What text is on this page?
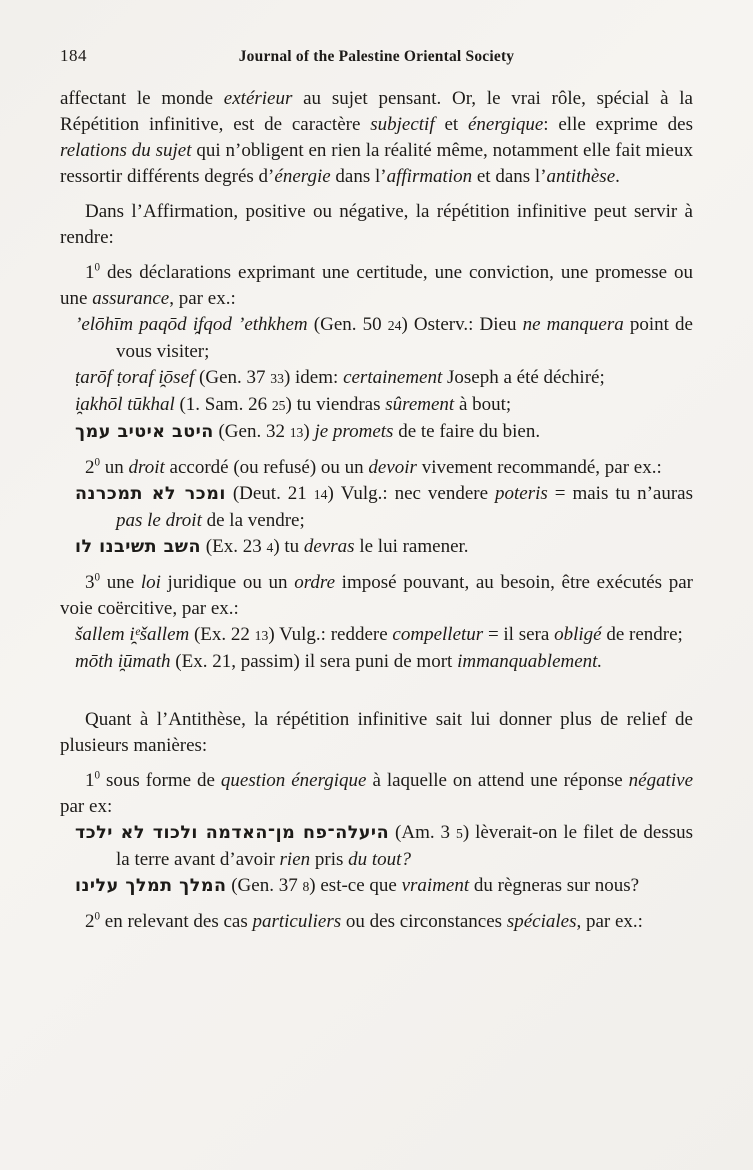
184	Journal of the Palestine Oriental Society

affectant le monde extérieur au sujet pensant. Or, le vrai rôle, spécial à la Répétition infinitive, est de caractère subjectif et énergique: elle exprime des relations du sujet qui n’obligent en rien la réalité même, notamment elle fait mieux ressortir différents degrés d’énergie dans l’affirmation et dans l’antithèse.

Dans l’Affirmation, positive ou négative, la répétition infinitive peut servir à rendre:

$1^0$ des déclarations exprimant une certitude, une conviction, une promesse ou une assurance, par ex.:

’elōhīm paqōd i̯fqod ’ethkhem (Gen. 50 24) Osterv.: Dieu ne manquera point de vous visiter;

ṭarōf ṭoraf i̯ōsef (Gen. 37 33) idem: certainement Joseph a été déchiré;

i̯akhōl tūkhal (1. Sam. 26 25) tu viendras sûrement à bout;

היטב איטיב עמך (Gen. 32 13) je promets de te faire du bien.

$2^0$ un droit accordé (ou refusé) ou un devoir vivement recommandé, par ex.:

ומכר לא תמכרנה (Deut. 21 14) Vulg.: nec vendere poteris = mais tu n’auras pas le droit de la vendre;

השב תשיבנו לו (Ex. 23 4) tu devras le lui ramener.

$3^0$ une loi juridique ou un ordre imposé pouvant, au besoin, être exécutés par voie coërcitive, par ex.:

šallem i̯ᵉšallem (Ex. 22 13) Vulg.: reddere compelletur = il sera obligé de rendre;

mōth i̯ūmath (Ex. 21, passim) il sera puni de mort immanquablement.

Quant à l’Antithèse, la répétition infinitive sait lui donner plus de relief de plusieurs manières:

$1^0$ sous forme de question énergique à laquelle on attend une réponse négative par ex:

היעלה־פח מן־האדמה ולכוד לא ילכד (Am. 3 5) lèverait-on le filet de dessus la terre avant d’avoir rien pris du tout?

המלך תמלך עלינו (Gen. 37 8) est-ce que vraiment du règneras sur nous?

$2^0$ en relevant des cas particuliers ou des circonstances spéciales, par ex.:
